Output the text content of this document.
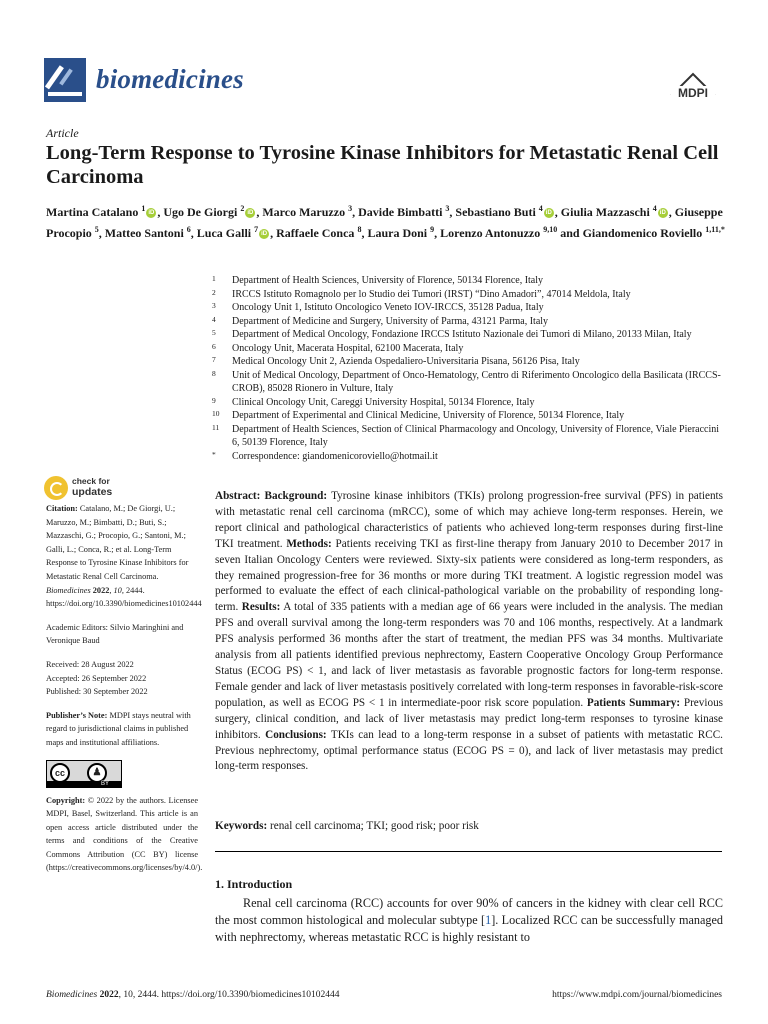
biomedicines	MDPI
Article
Long-Term Response to Tyrosine Kinase Inhibitors for Metastatic Renal Cell Carcinoma
Martina Catalano $^1$iD , Ugo De Giorgi $^2$iD , Marco Maruzzo $^3$, Davide Bimbatti $^3$, Sebastiano Buti $^4$iD , Giulia Mazzaschi $^4$iD , Giuseppe Procopio $^5$, Matteo Santoni $^6$, Luca Galli $^7$iD , Raffaele Conca $^8$, Laura Doni $^9$, Lorenzo Antonuzzo $^{9,10}$ and Giandomenico Roviello $^{1,11,*}$
1 Department of Health Sciences, University of Florence, 50134 Florence, Italy
2 IRCCS Istituto Romagnolo per lo Studio dei Tumori (IRST) “Dino Amadori”, 47014 Meldola, Italy
3 Oncology Unit 1, Istituto Oncologico Veneto IOV-IRCCS, 35128 Padua, Italy
4 Department of Medicine and Surgery, University of Parma, 43121 Parma, Italy
5 Department of Medical Oncology, Fondazione IRCCS Istituto Nazionale dei Tumori di Milano, 20133 Milan, Italy
6 Oncology Unit, Macerata Hospital, 62100 Macerata, Italy
7 Medical Oncology Unit 2, Azienda Ospedaliero-Universitaria Pisana, 56126 Pisa, Italy
8 Unit of Medical Oncology, Department of Onco-Hematology, Centro di Riferimento Oncologico della Basilicata (IRCCS-CROB), 85028 Rionero in Vulture, Italy
9 Clinical Oncology Unit, Careggi University Hospital, 50134 Florence, Italy
10 Department of Experimental and Clinical Medicine, University of Florence, 50134 Florence, Italy
11 Department of Health Sciences, Section of Clinical Pharmacology and Oncology, University of Florence, Viale Pieraccini 6, 50139 Florence, Italy
* Correspondence: giandomenicoroviello@hotmail.it
check for
updates

Citation: Catalano, M.; De Giorgi, U.; Maruzzo, M.; Bimbatti, D.; Buti, S.; Mazzaschi, G.; Procopio, G.; Santoni, M.; Galli, L.; Conca, R.; et al. Long-Term Response to Tyrosine Kinase Inhibitors for Metastatic Renal Cell Carcinoma. Biomedicines 2022, 10, 2444. https://doi.org/10.3390/biomedicines10102444

Academic Editors: Silvio Maringhini and Veronique Baud

Received: 28 August 2022
Accepted: 26 September 2022
Published: 30 September 2022

Publisher’s Note: MDPI stays neutral with regard to jurisdictional claims in published maps and institutional affiliations.

cc	♟
BY

Copyright: © 2022 by the authors. Licensee MDPI, Basel, Switzerland. This article is an open access article distributed under the terms and conditions of the Creative Commons Attribution (CC BY) license (https://creativecommons.org/licenses/by/4.0/).

Abstract: Background: Tyrosine kinase inhibitors (TKIs) prolong progression-free survival (PFS) in patients with metastatic renal cell carcinoma (mRCC), some of which may achieve long-term responses. Herein, we report clinical and pathological characteristics of patients who achieved long-term responses during first-line TKI treatment. Methods: Patients receiving TKI as first-line therapy from January 2010 to December 2017 in seven Italian Oncology Centers were reviewed. Sixty-six patients were considered as long-term responders, as they remained progression-free for 36 months or more during TKI treatment. A logistic regression model was performed to evaluate the effect of each clinical-pathological variable on the probability of responding long-term. Results: A total of 335 patients with a median age of 66 years were included in the analysis. The median PFS and overall survival among the long-term responders was 70 and 106 months, respectively. At a landmark PFS analysis performed 36 months after the start of treatment, the median PFS was 34 months. Multivariate analysis from all patients identified previous nephrectomy, Eastern Cooperative Oncology Group Performance Status (ECOG PS) < 1, and lack of liver metastasis as favorable prognostic factors for long-term response. Female gender and lack of liver metastasis positively correlated with long-term responses in favorable-risk-score population, as well as ECOG PS < 1 in intermediate-poor risk score population. Patients Summary: Previous surgery, clinical condition, and lack of liver metastasis may predict long-term responses to tyrosine kinase inhibitors. Conclusions: TKIs can lead to a long-term response in a subset of patients with metastatic RCC. Previous nephrectomy, optimal performance status (ECOG PS = 0), and lack of liver metastasis may predict long-term responses.
Keywords: renal cell carcinoma; TKI; good risk; poor risk
1. Introduction
Renal cell carcinoma (RCC) accounts for over 90% of cancers in the kidney with clear cell RCC the most common histological and molecular subtype [1]. Localized RCC can be successfully managed with nephrectomy, whereas metastatic RCC is highly resistant to
Biomedicines 2022, 10, 2444. https://doi.org/10.3390/biomedicines10102444	https://www.mdpi.com/journal/biomedicines
